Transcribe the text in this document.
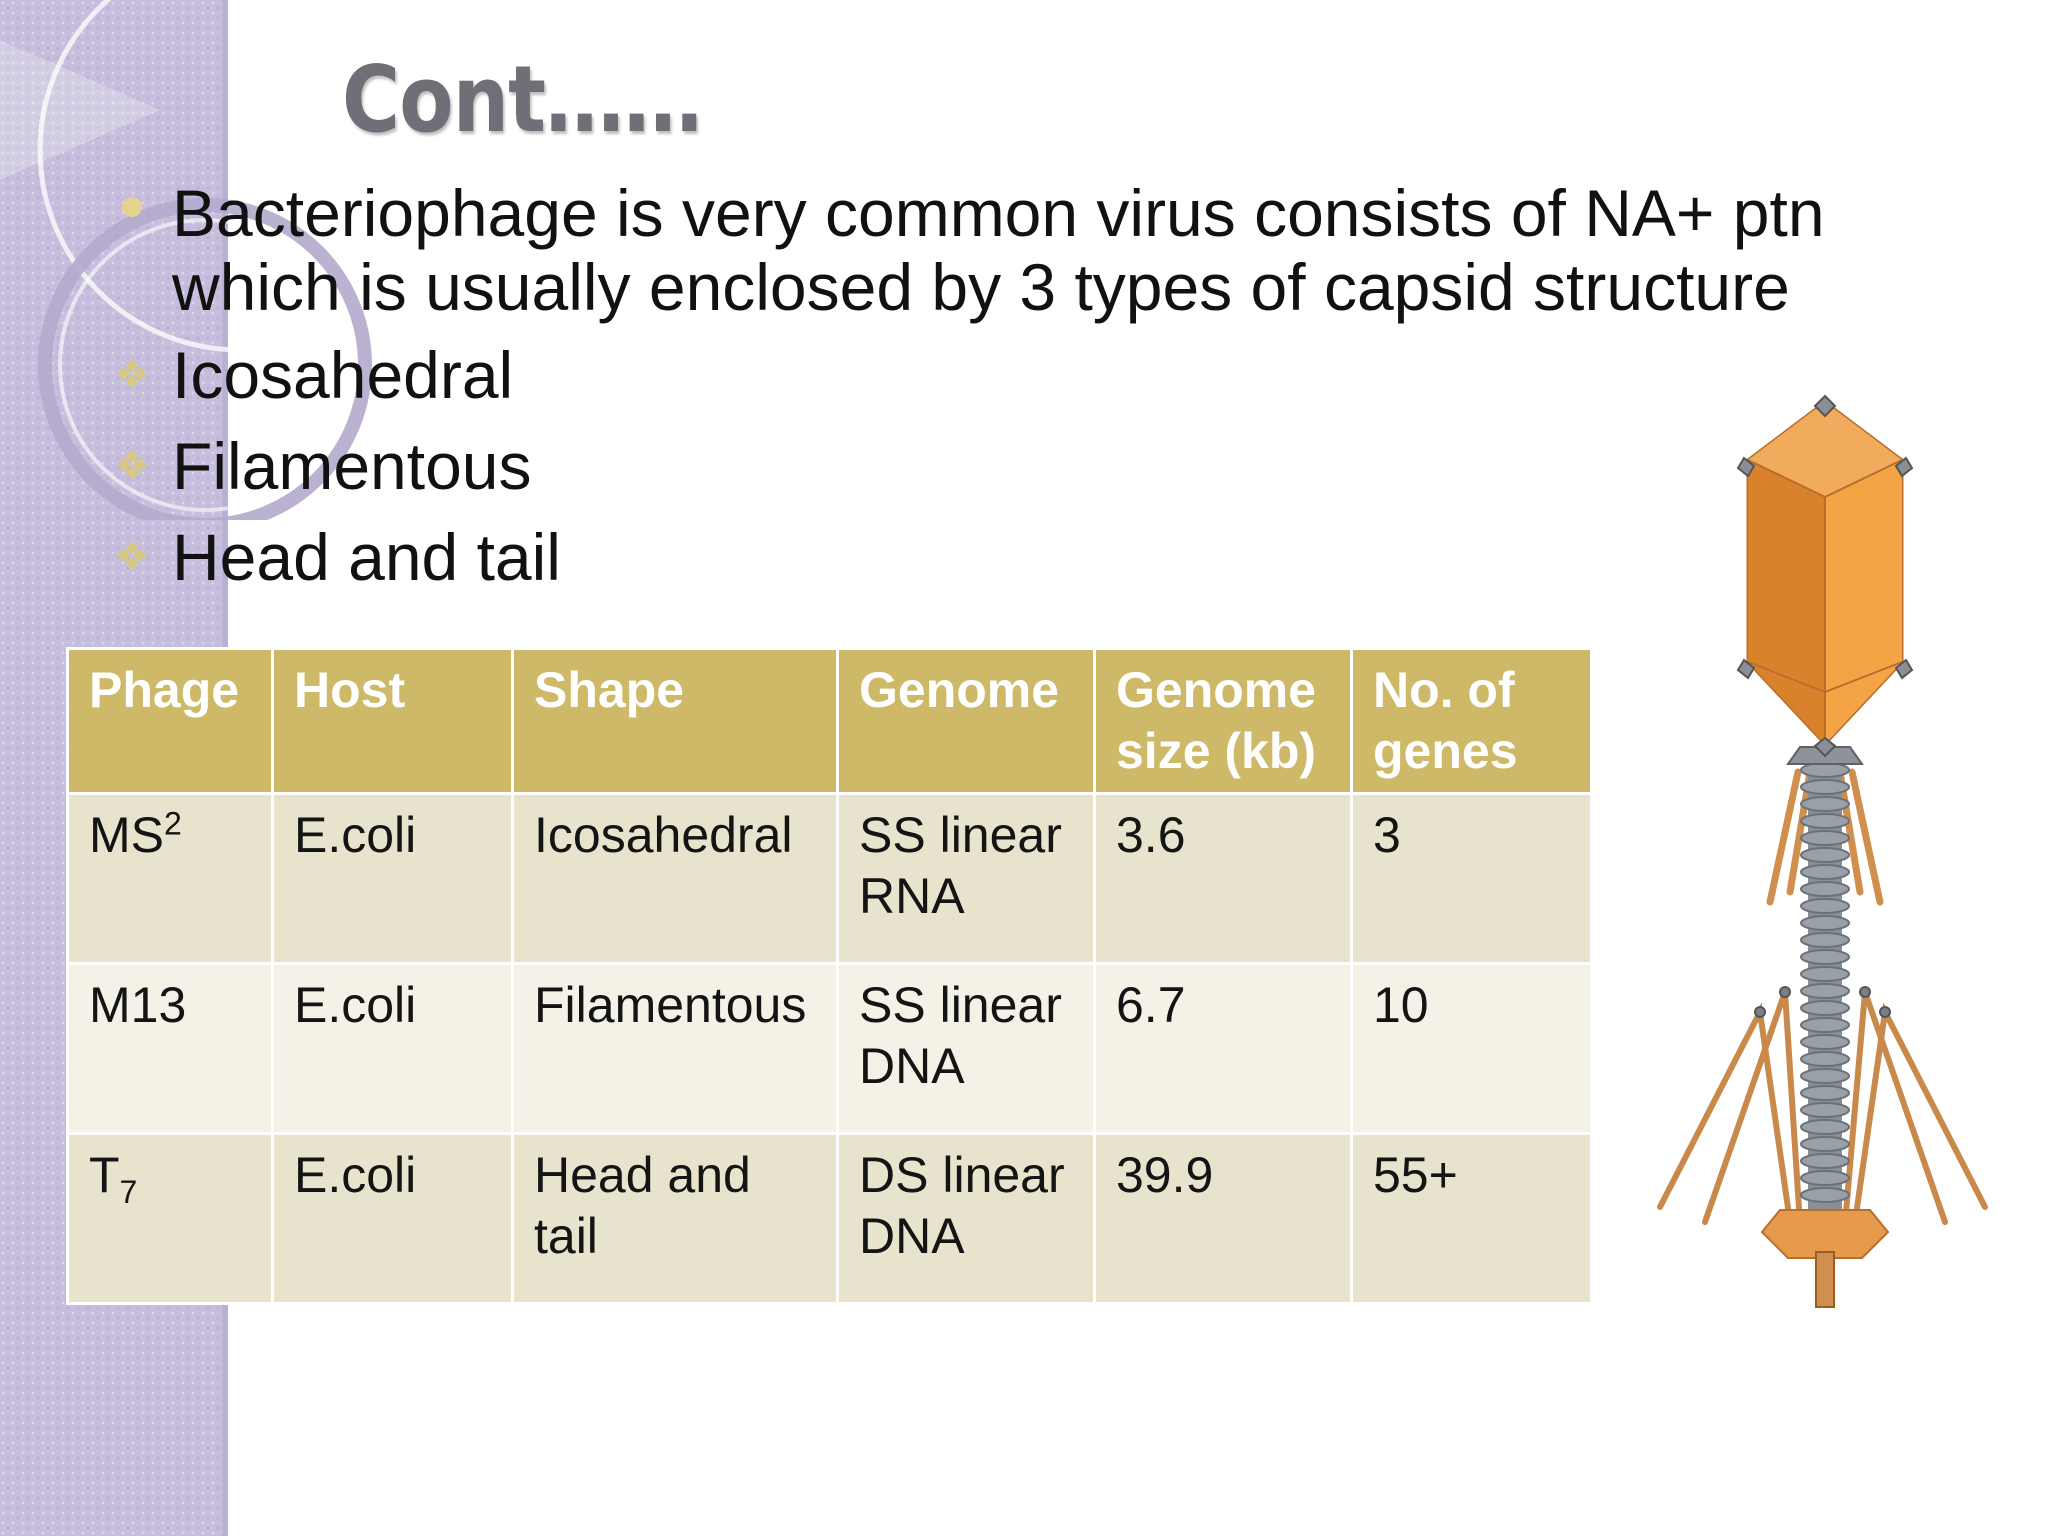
Cont……
Bacteriophage is very common virus consists of NA+ ptn which is usually enclosed by 3 types of capsid structure
❖ Icosahedral
❖ Filamentous
❖ Head and tail
Phage	Host	Shape	Genome	Genome size (kb)	No. of genes
$MS^2$	E.coli	Icosahedral	SS linear RNA	3.6	3
M13	E.coli	Filamentous	SS linear DNA	6.7	10
$T_7$	E.coli	Head and tail	DS linear DNA	39.9	55+
